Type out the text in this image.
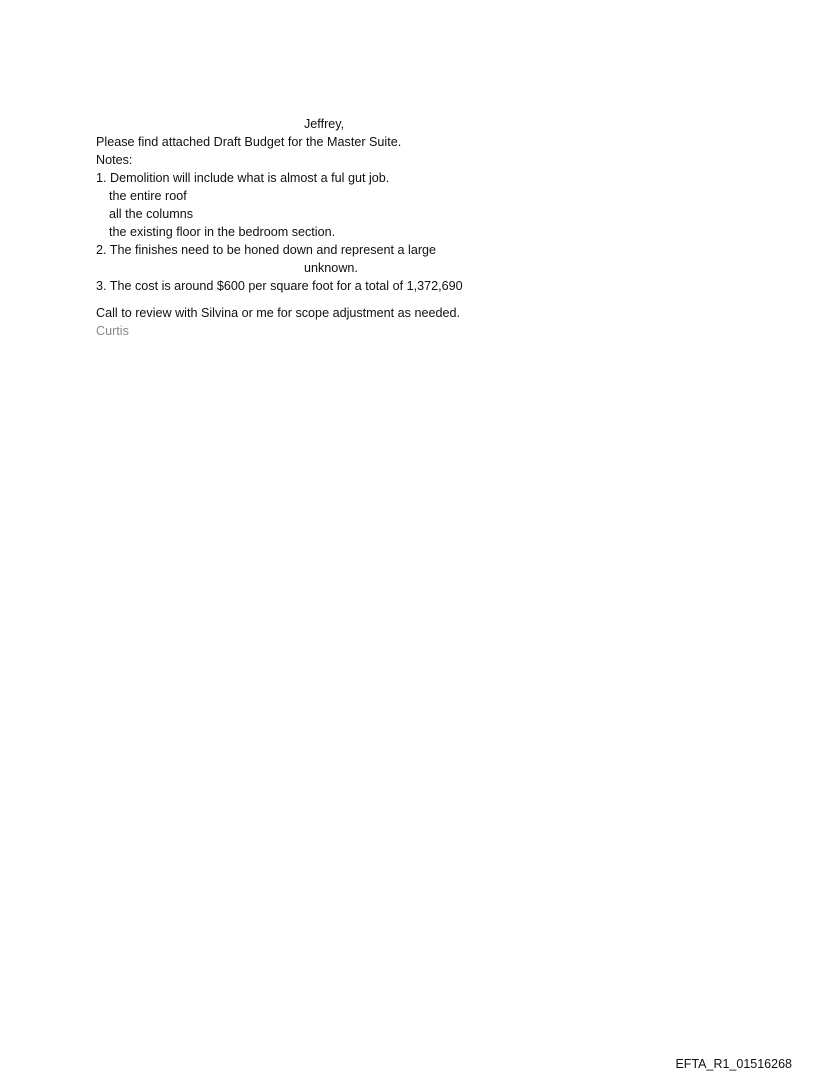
Jeffrey,
Please find attached Draft Budget for the Master Suite.
Notes:
1. Demolition will include what is almost a ful gut job.
the entire roof
all the columns
the existing floor in the bedroom section.
2. The finishes need to be honed down and represent a large
unknown.
3. The cost is around $600 per square foot for a total of 1,372,690
Call to review with Silvina or me for scope adjustment as needed.
Curtis
EFTA_R1_01516268
